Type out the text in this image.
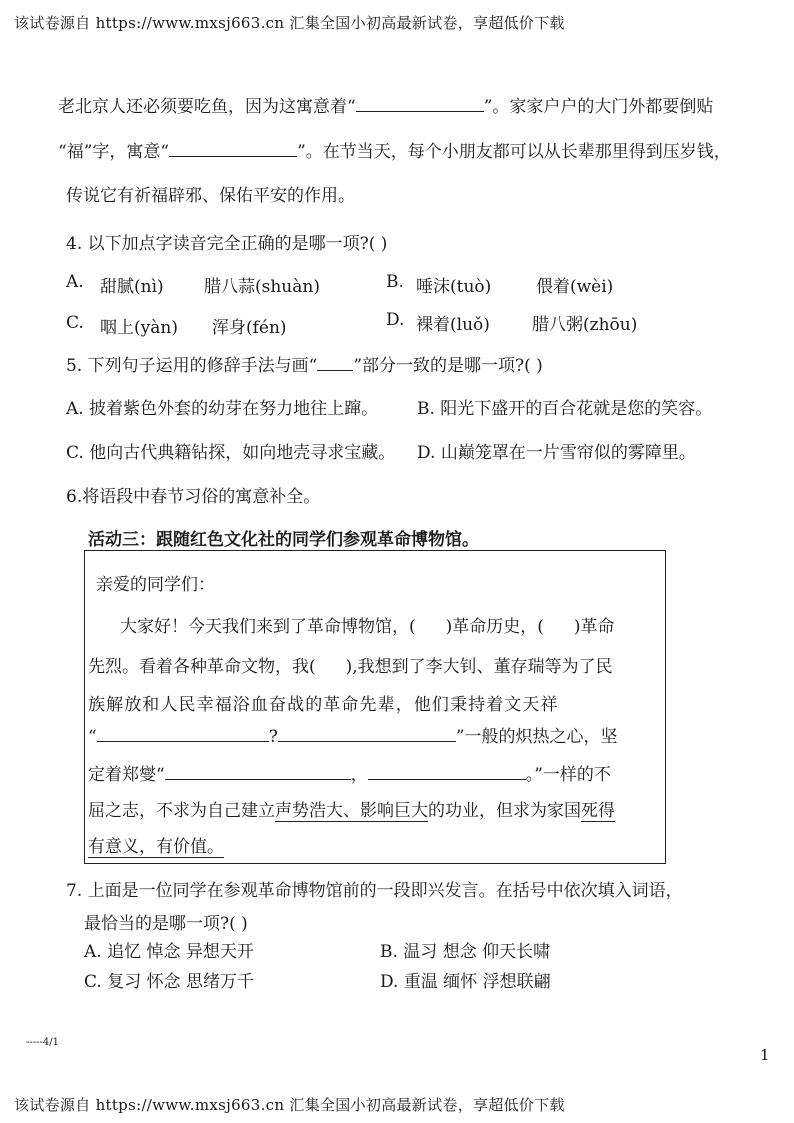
该试卷源自 https://www.mxsj663.cn 汇集全国小初高最新试卷，享超低价下载
老北京人还必须要吃鱼，因为这寓意着“	”。家家户户的大门外都要倒贴
“福”字，寓意“	”。在节当天，每个小朋友都可以从长辈那里得到压岁钱，
传说它有祈福辟邪、保佑平安的作用。
4. 以下加点字读音完全正确的是哪一项?( )
A. 甜腻(nì) 腊八蒜(shuàn)	B. 唾沫(tuò)	偎着(wèi)
C. 咽上(yàn) 浑身(fén)	D. 裸着(luǒ) 腊八粥(zhōu)
5. 下列句子运用的修辞手法与画“ ”部分一致的是哪一项?( )
A. 披着紫色外套的幼芽在努力地往上蹿。 B. 阳光下盛开的百合花就是您的笑容。
C. 他向古代典籍钻探，如向地壳寻求宝藏。 D. 山巅笼罩在一片雪帘似的雾障里。
6.将语段中春节习俗的寓意补全。
活动三：跟随红色文化社的同学们参观革命博物馆。
亲爱的同学们：
大家好！今天我们来到了革命博物馆，( )革命历史，( )革命
先烈。看着各种革命文物，我( ),我想到了李大钊、董存瑞等为了民
族解放和人民幸福浴血奋战的革命先辈，他们秉持着文天祥
“	?	”一般的炽热之心，坚
定着郑燮“	，	。”一样的不
屈之志，不求为自己建立声势浩大、影响巨大的功业，但求为家国死得
有意义，有价值。
7. 上面是一位同学在参观革命博物馆前的一段即兴发言。在括号中依次填入词语，
最恰当的是哪一项?( )
A. 追忆 悼念 异想天开	B. 温习 想念 仰天长啸
C. 复习 怀念 思绪万千	D. 重温 缅怀 浮想联翩
-----4/1
1
该试卷源自 https://www.mxsj663.cn 汇集全国小初高最新试卷，享超低价下载
